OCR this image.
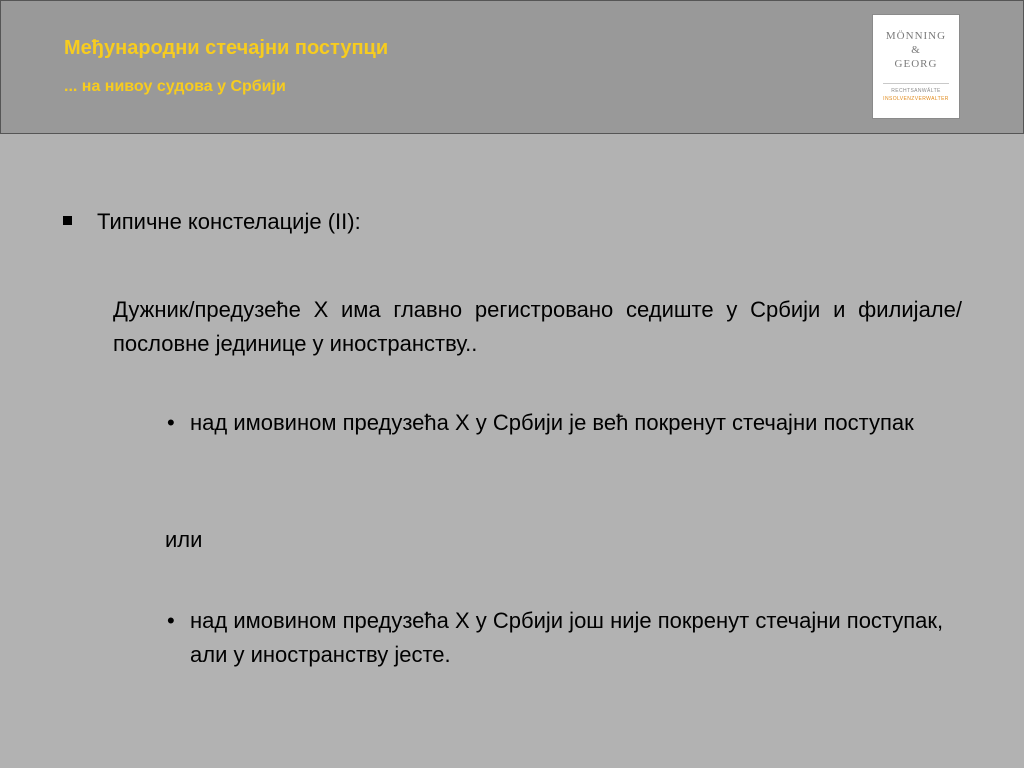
Међународни стечајни поступци
... на нивоу судова у Србији
MÖNNING
&
GEORG
RECHTSANWÄLTE
INSOLVENZVERWALTER
Типичне констелације (II):
Дужник/предузеће X има главно регистровано седиште у Србији и филијале/пословне јединице у иностранству..
• над имовином предузећа X у Србији је већ покренут стечајни поступак
или
• над имовином предузећа X у Србији још није покренут стечајни поступак, али у иностранству јесте.
